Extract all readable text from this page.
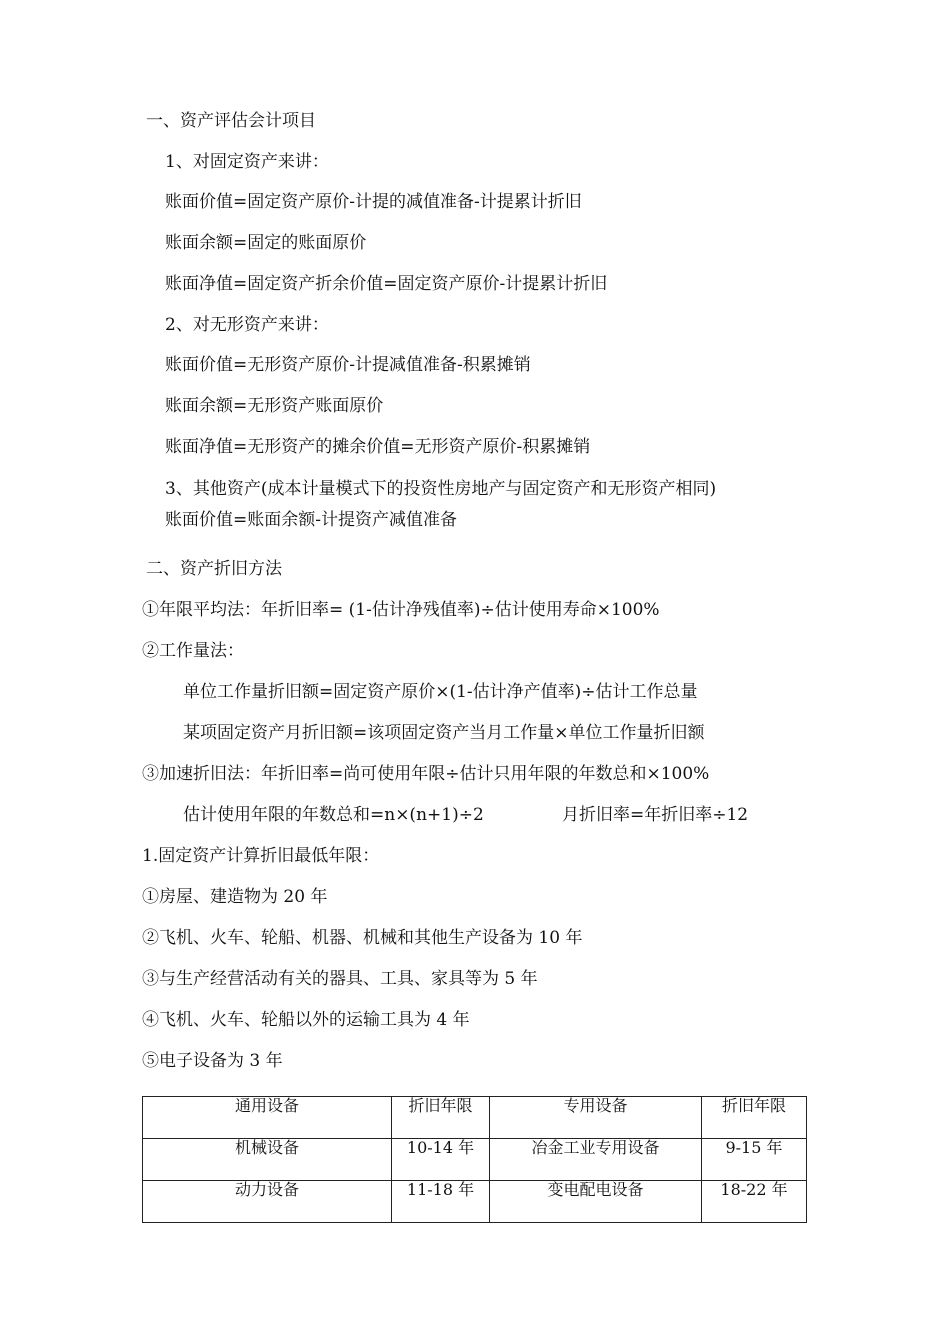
一、资产评估会计项目
1、对固定资产来讲：
账面价值=固定资产原价-计提的减值准备-计提累计折旧
账面余额=固定的账面原价
账面净值=固定资产折余价值=固定资产原价-计提累计折旧
2、对无形资产来讲：
账面价值=无形资产原价-计提减值准备-积累摊销
账面余额=无形资产账面原价
账面净值=无形资产的摊余价值=无形资产原价-积累摊销
3、其他资产(成本计量模式下的投资性房地产与固定资产和无形资产相同)
账面价值=账面余额-计提资产减值准备
二、资产折旧方法
①年限平均法：年折旧率= (1-估计净残值率)÷估计使用寿命×100%
②工作量法：
单位工作量折旧额=固定资产原价×(1-估计净产值率)÷估计工作总量
某项固定资产月折旧额=该项固定资产当月工作量×单位工作量折旧额
③加速折旧法：年折旧率=尚可使用年限÷估计只用年限的年数总和×100%
估计使用年限的年数总和=n×(n+1)÷2	月折旧率=年折旧率÷12
1.固定资产计算折旧最低年限：
①房屋、建造物为 20 年
②飞机、火车、轮船、机器、机械和其他生产设备为 10 年
③与生产经营活动有关的器具、工具、家具等为 5 年
④飞机、火车、轮船以外的运输工具为 4 年
⑤电子设备为 3 年
通用设备	折旧年限	专用设备	折旧年限
机械设备	10-14 年	冶金工业专用设备	9-15 年
动力设备	11-18 年	变电配电设备	18-22 年
